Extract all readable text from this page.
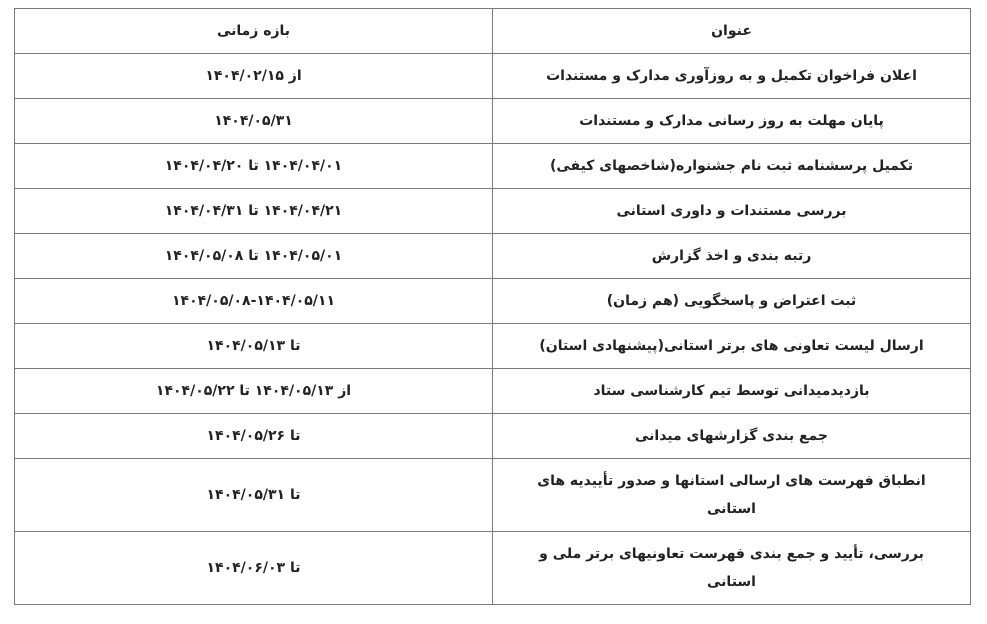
عنوان	بازه زمانی
اعلان فراخوان تکمیل و به روزآوری مدارک و مستندات	از ۱۴۰۴/۰۲/۱۵
پایان مهلت به روز رسانی مدارک و مستندات	۱۴۰۴/۰۵/۳۱
تکمیل پرسشنامه ثبت نام جشنواره(شاخصهای کیفی)	۱۴۰۴/۰۴/۰۱ تا ۱۴۰۴/۰۴/۲۰
بررسی مستندات و داوری استانی	۱۴۰۴/۰۴/۲۱ تا ۱۴۰۴/۰۴/۳۱
رتبه بندی و اخذ گزارش	۱۴۰۴/۰۵/۰۱ تا ۱۴۰۴/۰۵/۰۸
ثبت اعتراض و پاسخگویی (هم زمان)	۱۴۰۴/۰۵/۰۸-۱۴۰۴/۰۵/۱۱
ارسال لیست تعاونی های برتر استانی(پیشنهادی استان)	تا ۱۴۰۴/۰۵/۱۳
بازدیدمیدانی توسط تیم کارشناسی ستاد	از ۱۴۰۴/۰۵/۱۳ تا ۱۴۰۴/۰۵/۲۲
جمع بندی گزارشهای میدانی	تا ۱۴۰۴/۰۵/۲۶
انطباق فهرست های ارسالی استانها و صدور تأییدیه های استانی	تا ۱۴۰۴/۰۵/۳۱
بررسی، تأیید و جمع بندی فهرست تعاونیهای برتر ملی و استانی	تا ۱۴۰۴/۰۶/۰۳
